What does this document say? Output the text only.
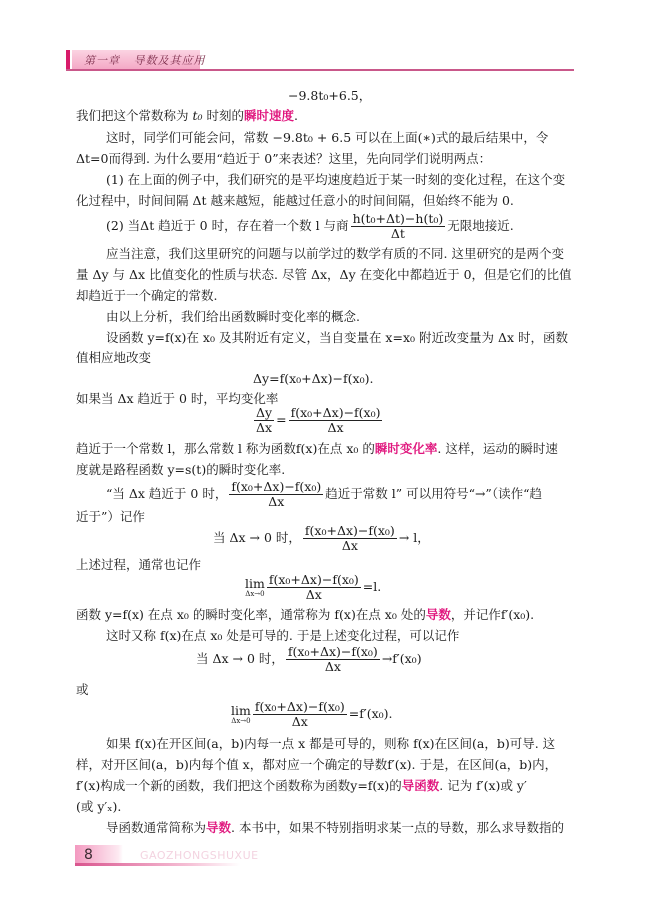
第一章 导数及其应用
−9.8t₀+6.5，
我们把这个常数称为 t₀ 时刻的瞬时速度.
这时，同学们可能会问，常数 −9.8t₀ + 6.5 可以在上面(∗)式的最后结果中，令
Δt=0而得到. 为什么要用“趋近于 0”来表述？这里，先向同学们说明两点：
(1) 在上面的例子中，我们研究的是平均速度趋近于某一时刻的变化过程，在这个变
化过程中，时间间隔 Δt 越来越短，能越过任意小的时间间隔，但始终不能为 0.
(2) 当Δt 趋近于 0 时，存在着一个数 l 与商 $\frac{\text{h(t₀+Δt)−h(t₀)}}{\Delta t}$ 无限地接近.
应当注意，我们这里研究的问题与以前学过的数学有质的不同. 这里研究的是两个变
量 Δy 与 Δx 比值变化的性质与状态. 尽管 Δx，Δy 在变化中都趋近于 0，但是它们的比值
却趋近于一个确定的常数.
由以上分析，我们给出函数瞬时变化率的概念.
设函数 y=f(x)在 x₀ 及其附近有定义，当自变量在 x=x₀ 附近改变量为 Δx 时，函数
值相应地改变
Δy=f(x₀+Δx)−f(x₀).
如果当 Δx 趋近于 0 时，平均变化率
$\frac{\Delta y}{\Delta x} = \frac{\text{f(x₀+Δx)−f(x₀)}}{\Delta x}$
趋近于一个常数 l，那么常数 l 称为函数f(x)在点 x₀ 的瞬时变化率. 这样，运动的瞬时速
度就是路程函数 y=s(t)的瞬时变化率.
“当 Δx 趋近于 0 时， $\frac{\text{f(x₀+Δx)−f(x₀)}}{\Delta x}$ 趋近于常数 l” 可以用符号“→”（读作“趋
近于”）记作
当 Δx → 0 时， $\frac{\text{f(x₀+Δx)−f(x₀)}}{\Delta x} \to l$，
上述过程，通常也记作
lim
$\Delta x\to 0 \frac{\text{f(x₀+Δx)−f(x₀)}}{\Delta x} =l$.
函数 y=f(x) 在点 x₀ 的瞬时变化率，通常称为 f(x)在点 x₀ 处的导数，并记作f′(x₀).
这时又称 f(x)在点 x₀ 处是可导的. 于是上述变化过程，可以记作
当 Δx → 0 时， $\frac{\text{f(x₀+Δx)−f(x₀)}}{\Delta x} \to f'(x_0)$
或
lim
$\Delta x\to 0 \frac{\text{f(x₀+Δx)−f(x₀)}}{\Delta x} =f'(x_0)$.
如果 f(x)在开区间(a，b)内每一点 x 都是可导的，则称 f(x)在区间(a，b)可导. 这
样，对开区间(a，b)内每个值 x，都对应一个确定的导数f′(x). 于是，在区间(a，b)内，
f′(x)构成一个新的函数，我们把这个函数称为函数y=f(x)的导函数. 记为 f′(x)或 y′
(或 y′ₓ).
导函数通常简称为导数. 本书中，如果不特别指明求某一点的导数，那么求导数指的
8	GAOZHONGSHUXUE
